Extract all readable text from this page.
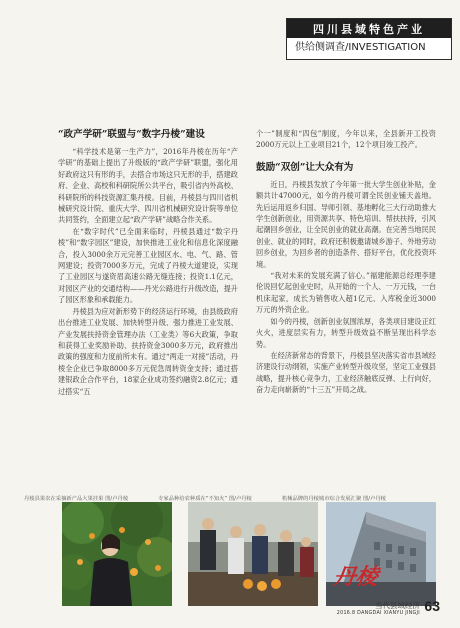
四川县域特色产业
供给侧调查/INVESTIGATION
“政产学研”联盟与“数字丹棱”建设

“科学技术是第一生产力”，2016年丹棱在历年“产学研”的基础上提出了升级版的“政产学研”联盟，强化用好政府这只有形的手，去搭合市场这只无形的手，搭建政府、企业、高校和科研院所公共平台，吸引省内外高校、科研院所的科技资源汇集丹棱。目前，丹棱县与四川省机械研究设计院、重庆大学、四川省机械研究设计院等单位共同签约，全面建立起“政产学研”战略合作关系。

在“数字时代”已全面来临时，丹棱县通过“数字丹棱”和“数字园区”建设，加快推进工业化和信息化深度融合，投入3000余万元完善工业园区水、电、气、路、管网建设；投资7000多万元，完成了丹棱大道建设，实现了工业园区与遂资眉高速公路无缝连接；投资1.1亿元，对园区产业的交通结构——丹光公路进行升级改造，提升了园区形象和承载能力。

丹棱县为应对新形势下的经济运行环境，由县级政府出台推进工业发展、加快转型升级、强力推进工业发展、产业发展扶持资金管理办法（工业类）等6大政策，争取和获得工业奖励补助、扶持资金3000多万元，政府推出政策的强度和力度前所未有。通过“两走一对接”活动，丹棱全企业已争取8000多万元促急周转资金支持；通过搭建银政企合作平台，18家企业成功签约融资2.8亿元；通过搭实“五

个一”制度和“四包”制度，今年以来，全县新开工投资2000万元以上工业项目21个，12个项目竣工投产。

鼓励“双创”让大众有为

近日，丹棱县发放了今年第一批大学生创业补贴，金额共计47000元，如今的丹棱可谓全民创业铺天盖地。先后运用返乡归国、导师引领、基地孵化三大行动助推大学生创新创业，用资源共享、特色培训、帮扶扶持，引风起潮回乡创业，让全民创业的就业高潮。在完善当地民民创业、就业的同时，政府还积极邀请城乡游子、外地劳动回乡创业，为回乡者的创造条件、搭好平台，优化投资环境。

“我对未来的发展充满了信心。”福建能源总经理李建伦说回忆起创业史时，从开始的一个人、一万元钱，一台机床起家，成长为销售收入超1亿元、入库税金近3000万元的外资企业。

如今的丹棱，创新创业氛围浓厚，各类项目建设正红火火，进度层实有力，转型升级效益不断呈现出科学态势。

在经济新常态的背景下，丹棱县坚决落实省市县域经济建设行动纲领，实施产业转型升级攻坚，坚定工业强县战略，提升核心竞争力，工业经济触底反弹、上行向好，奋力走向崭新的“十三五”开局之战。

丹棱县果农在采摘新产品大果挂果 图/卢丹棱	专家品种给农种质在“不知火” 图/卢丹棱	机械品牌的丹棱城市综合发展汇聚 图/卢丹棱
丹棱
当代县域经济
2016.8 DANGDAI XIANYU JINGJI 63
